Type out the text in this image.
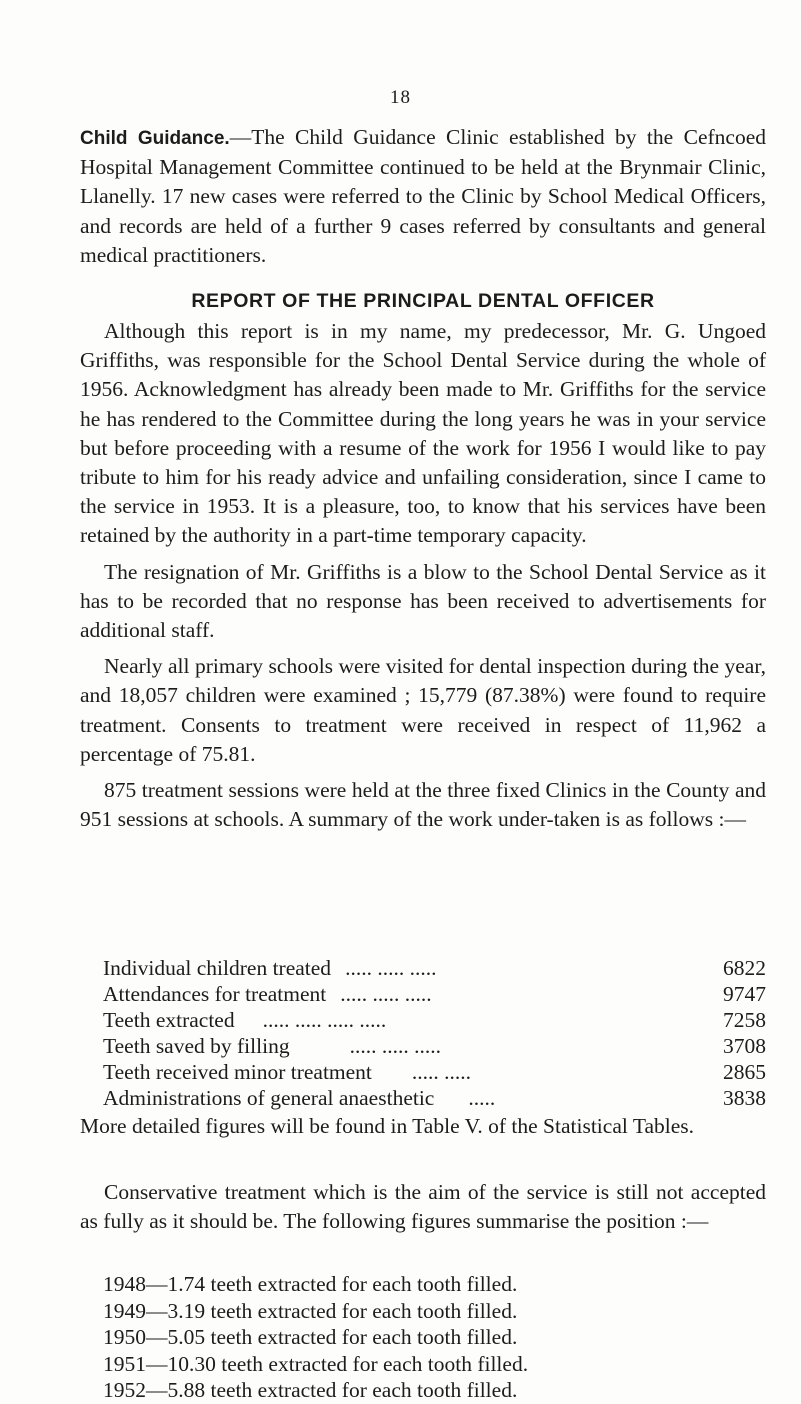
18

Child Guidance.—The Child Guidance Clinic established by the Cefncoed Hospital Management Committee continued to be held at the Brynmair Clinic, Llanelly. 17 new cases were referred to the Clinic by School Medical Officers, and records are held of a further 9 cases referred by consultants and general medical practitioners.

REPORT OF THE PRINCIPAL DENTAL OFFICER

Although this report is in my name, my predecessor, Mr. G. Ungoed Griffiths, was responsible for the School Dental Service during the whole of 1956. Acknowledgment has already been made to Mr. Griffiths for the service he has rendered to the Committee during the long years he was in your service but before proceeding with a resume of the work for 1956 I would like to pay tribute to him for his ready advice and unfailing consideration, since I came to the service in 1953. It is a pleasure, too, to know that his services have been retained by the authority in a part-time temporary capacity.

The resignation of Mr. Griffiths is a blow to the School Dental Service as it has to be recorded that no response has been received to advertisements for additional staff.

Nearly all primary schools were visited for dental inspection during the year, and 18,057 children were examined ; 15,779 (87.38%) were found to require treatment. Consents to treatment were received in respect of 11,962 a percentage of 75.81.

875 treatment sessions were held at the three fixed Clinics in the County and 951 sessions at schools. A summary of the work under-taken is as follows :—

Individual children treated ..... ..... .....	6822
Attendances for treatment ..... ..... .....	9747
Teeth extracted	..... ..... ..... .....	7258
Teeth saved by filling	..... ..... .....	3708
Teeth received minor treatment	..... .....	2865
Administrations of general anaesthetic	.....	3838

More detailed figures will be found in Table V. of the Statistical Tables.

Conservative treatment which is the aim of the service is still not accepted as fully as it should be. The following figures summarise the position :—

1948—1.74 teeth extracted for each tooth filled.
1949—3.19 teeth extracted for each tooth filled.
1950—5.05 teeth extracted for each tooth filled.
1951—10.30 teeth extracted for each tooth filled.
1952—5.88 teeth extracted for each tooth filled.
